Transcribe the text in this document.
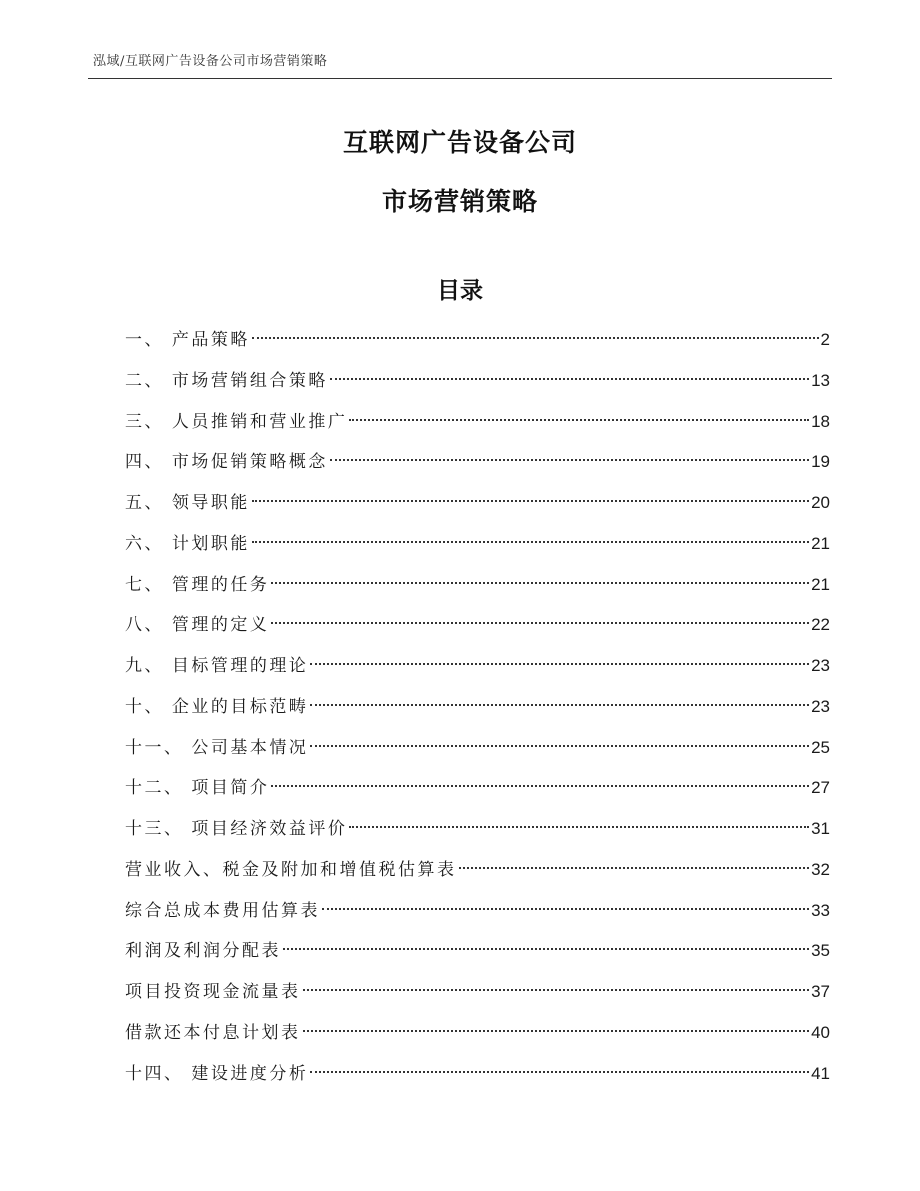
泓域/互联网广告设备公司市场营销策略
互联网广告设备公司
市场营销策略
目录
一、 产品策略	2
二、 市场营销组合策略	13
三、 人员推销和营业推广	18
四、 市场促销策略概念	19
五、 领导职能	20
六、 计划职能	21
七、 管理的任务	21
八、 管理的定义	22
九、 目标管理的理论	23
十、 企业的目标范畴	23
十一、 公司基本情况	25
十二、 项目简介	27
十三、 项目经济效益评价	31
营业收入、税金及附加和增值税估算表	32
综合总成本费用估算表	33
利润及利润分配表	35
项目投资现金流量表	37
借款还本付息计划表	40
十四、 建设进度分析	41
